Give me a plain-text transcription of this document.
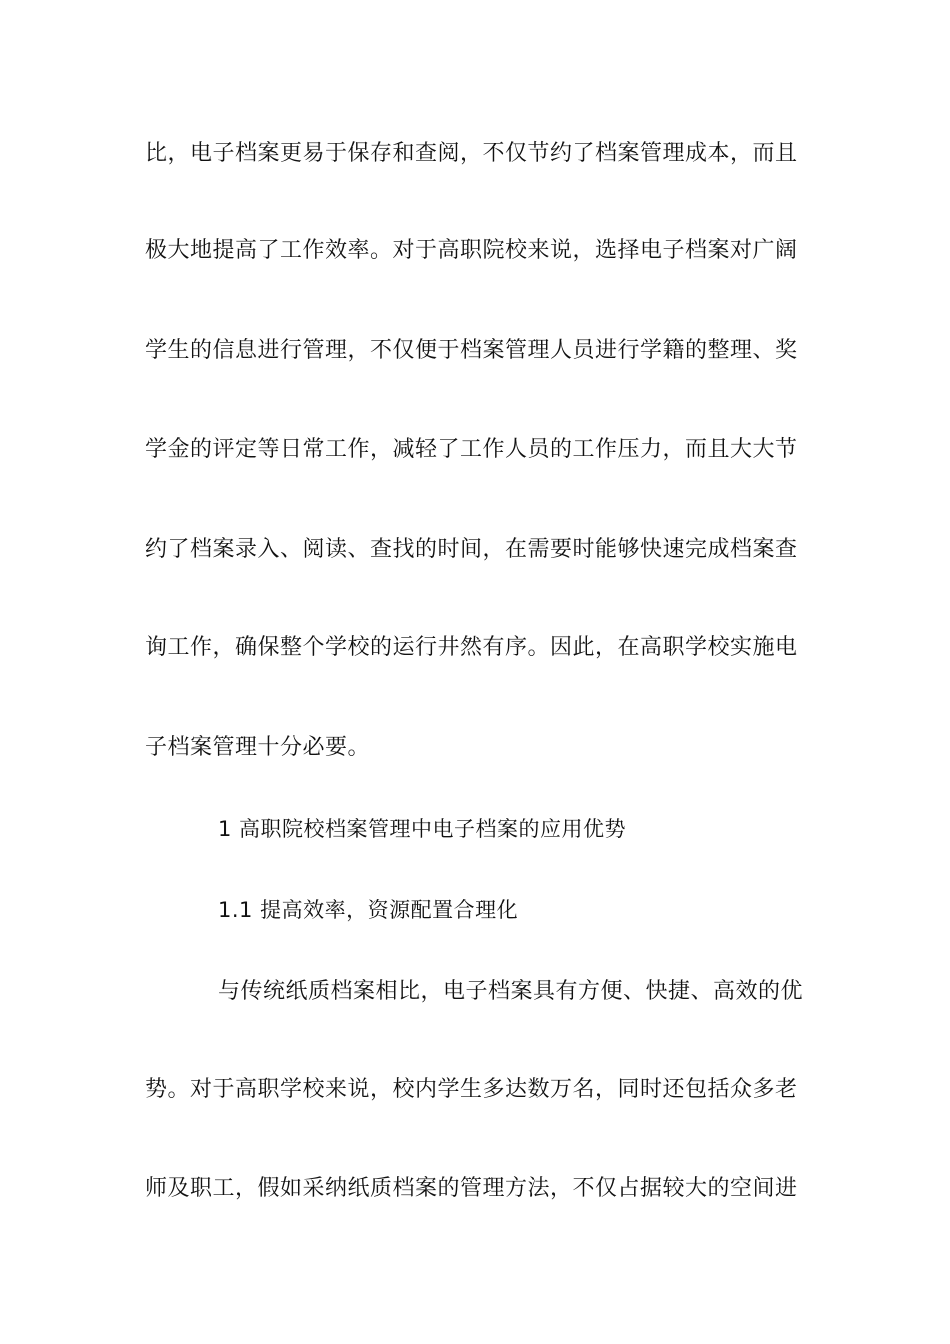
比，电子档案更易于保存和查阅，不仅节约了档案管理成本，而且
极大地提高了工作效率。对于高职院校来说，选择电子档案对广阔
学生的信息进行管理，不仅便于档案管理人员进行学籍的整理、奖
学金的评定等日常工作，减轻了工作人员的工作压力，而且大大节
约了档案录入、阅读、查找的时间，在需要时能够快速完成档案查
询工作，确保整个学校的运行井然有序。因此，在高职学校实施电
子档案管理十分必要。
1 高职院校档案管理中电子档案的应用优势
1.1 提高效率，资源配置合理化
与传统纸质档案相比，电子档案具有方便、快捷、高效的优
势。对于高职学校来说，校内学生多达数万名，同时还包括众多老
师及职工，假如采纳纸质档案的管理方法，不仅占据较大的空间进
